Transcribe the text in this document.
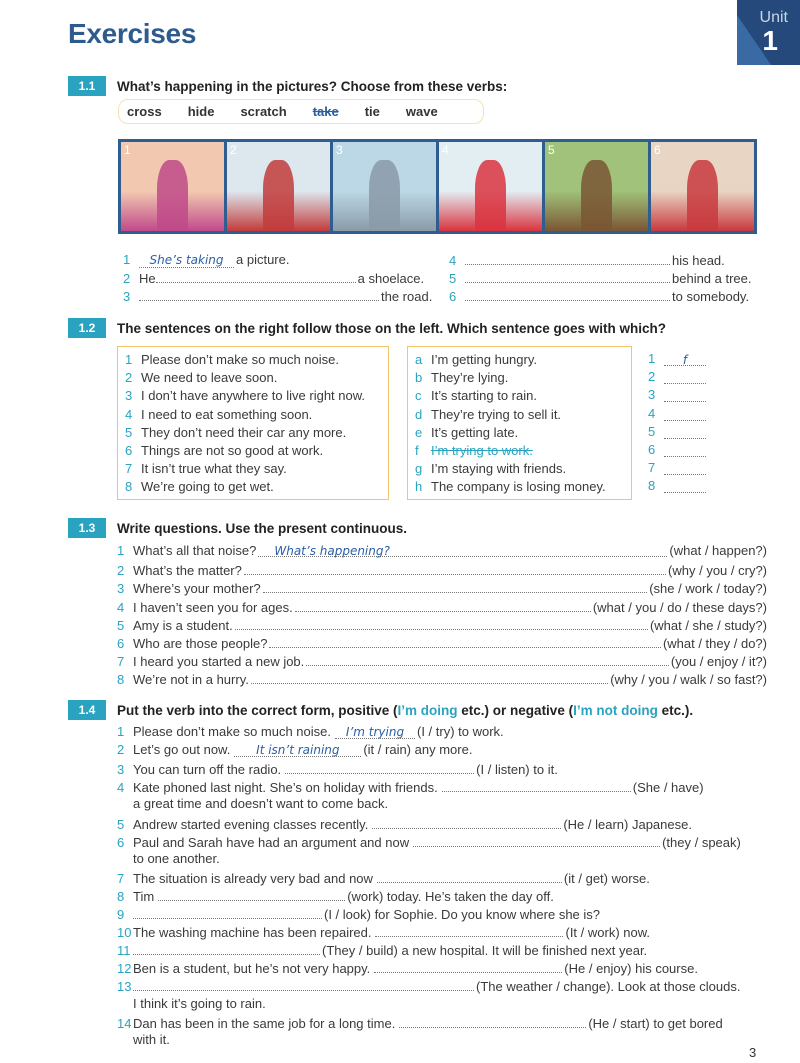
Exercises
Unit
1
1.1	What’s happening in the pictures? Choose from these verbs:
cross hide scratch take tie wave
1	2	3	4	5	6
1	She’s taking a picture.
2 He	a shoelace.
3	the road.
4	his head.
5	behind a tree.
6	to somebody.
1.2	The sentences on the right follow those on the left. Which sentence goes with which?
1 Please don’t make so much noise.
2 We need to leave soon.
3 I don’t have anywhere to live right now.
4 I need to eat something soon.
5 They don’t need their car any more.
6 Things are not so good at work.
7 It isn’t true what they say.
8 We’re going to get wet.
a I’m getting hungry.
b They’re lying.
c It’s starting to rain.
d They’re trying to sell it.
e It’s getting late.
f I’m trying to work.
g I’m staying with friends.
h The company is losing money.
1 f
2
3
4
5
6
7
8
1.3	Write questions. Use the present continuous.
1 What’s all that noise?	What’s happening?	(what / happen?)
2 What’s the matter?	(why / you / cry?)
3 Where’s your mother?	(she / work / today?)
4 I haven’t seen you for ages.	(what / you / do / these days?)
5 Amy is a student.	(what / she / study?)
6 Who are those people?	(what / they / do?)
7 I heard you started a new job.	(you / enjoy / it?)
8 We’re not in a hurry.	(why / you / walk / so fast?)
1.4	Put the verb into the correct form, positive (I’m doing etc.) or negative (I’m not doing etc.).
1 Please don’t make so much noise.	I’m trying (I / try) to work.
2 Let’s go out now.	It isn’t raining	(it / rain) any more.
3 You can turn off the radio.	(I / listen) to it.
4 Kate phoned last night. She’s on holiday with friends.	(She / have)
a great time and doesn’t want to come back.
5 Andrew started evening classes recently.	(He / learn) Japanese.
6 Paul and Sarah have had an argument and now	(they / speak)
to one another.
7 The situation is already very bad and now	(it / get) worse.
8 Tim	(work) today. He’s taken the day off.
9	(I / look) for Sophie. Do you know where she is?
10 The washing machine has been repaired.	(It / work) now.
11	(They / build) a new hospital. It will be finished next year.
12 Ben is a student, but he’s not very happy.	(He / enjoy) his course.
13	(The weather / change). Look at those clouds.
I think it’s going to rain.
14 Dan has been in the same job for a long time.	(He / start) to get bored
with it.
3
